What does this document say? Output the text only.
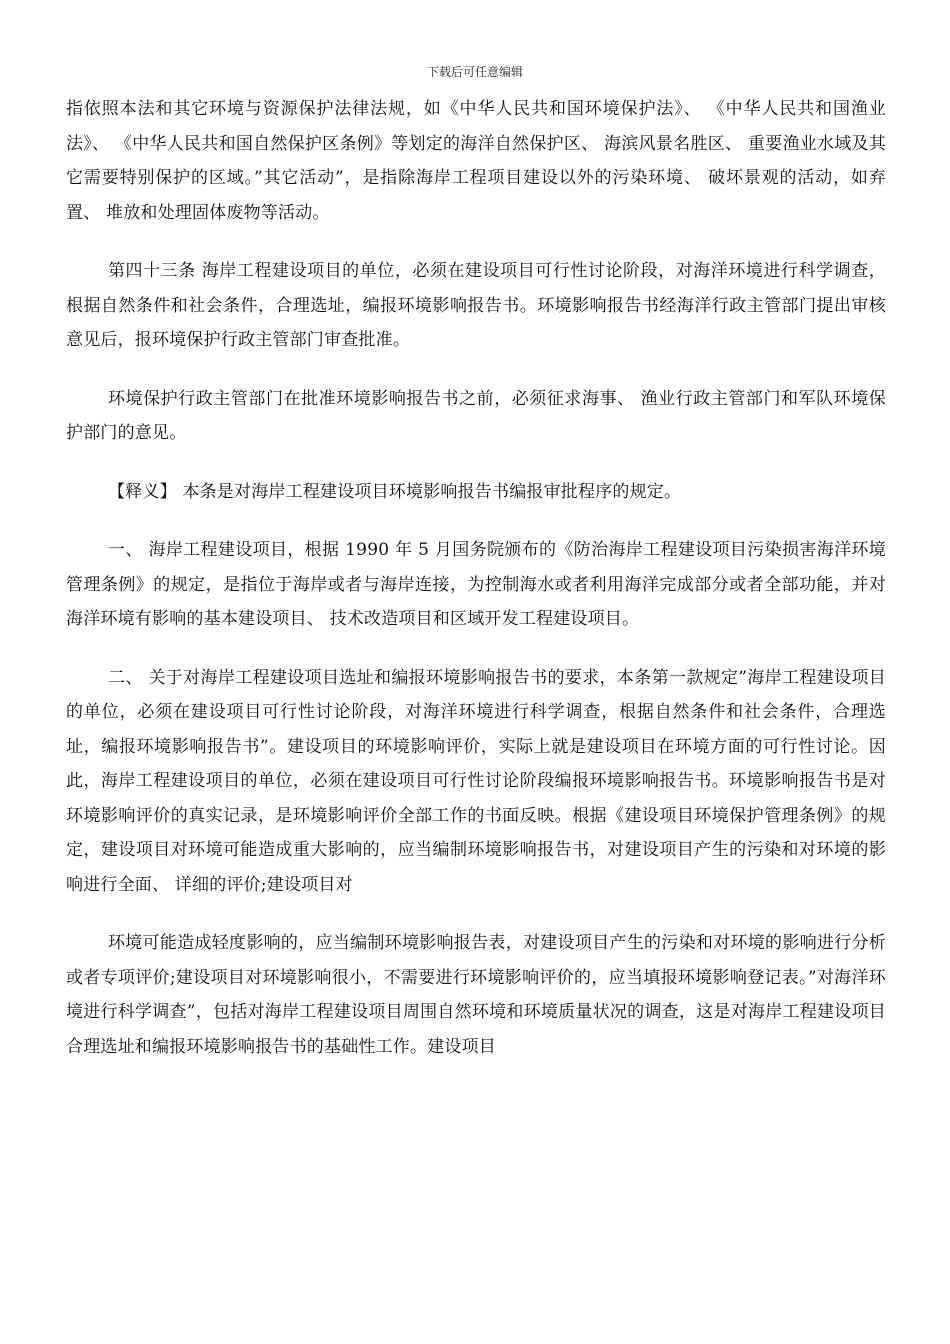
下载后可任意编辑

指依照本法和其它环境与资源保护法律法规，如《中华人民共和国环境保护法》、 《中华人民共和国渔业法》、 《中华人民共和国自然保护区条例》等划定的海洋自然保护区、 海滨风景名胜区、 重要渔业水域及其它需要特别保护的区域。”其它活动”，是指除海岸工程项目建设以外的污染环境、 破坏景观的活动，如弃置、 堆放和处理固体废物等活动。

第四十三条 海岸工程建设项目的单位，必须在建设项目可行性讨论阶段，对海洋环境进行科学调查，根据自然条件和社会条件，合理选址，编报环境影响报告书。环境影响报告书经海洋行政主管部门提出审核意见后，报环境保护行政主管部门审查批准。

环境保护行政主管部门在批准环境影响报告书之前，必须征求海事、 渔业行政主管部门和军队环境保护部门的意见。

【释义】 本条是对海岸工程建设项目环境影响报告书编报审批程序的规定。

一、 海岸工程建设项目，根据 1990 年 5 月国务院颁布的《防治海岸工程建设项目污染损害海洋环境管理条例》的规定，是指位于海岸或者与海岸连接，为控制海水或者利用海洋完成部分或者全部功能，并对海洋环境有影响的基本建设项目、 技术改造项目和区域开发工程建设项目。

二、 关于对海岸工程建设项目选址和编报环境影响报告书的要求，本条第一款规定”海岸工程建设项目的单位，必须在建设项目可行性讨论阶段，对海洋环境进行科学调查，根据自然条件和社会条件，合理选址，编报环境影响报告书”。建设项目的环境影响评价，实际上就是建设项目在环境方面的可行性讨论。因此，海岸工程建设项目的单位，必须在建设项目可行性讨论阶段编报环境影响报告书。环境影响报告书是对环境影响评价的真实记录，是环境影响评价全部工作的书面反映。根据《建设项目环境保护管理条例》的规定，建设项目对环境可能造成重大影响的，应当编制环境影响报告书，对建设项目产生的污染和对环境的影响进行全面、 详细的评价;建设项目对

环境可能造成轻度影响的，应当编制环境影响报告表，对建设项目产生的污染和对环境的影响进行分析或者专项评价;建设项目对环境影响很小，不需要进行环境影响评价的，应当填报环境影响登记表。”对海洋环境进行科学调查”，包括对海岸工程建设项目周围自然环境和环境质量状况的调查，这是对海岸工程建设项目合理选址和编报环境影响报告书的基础性工作。建设项目
